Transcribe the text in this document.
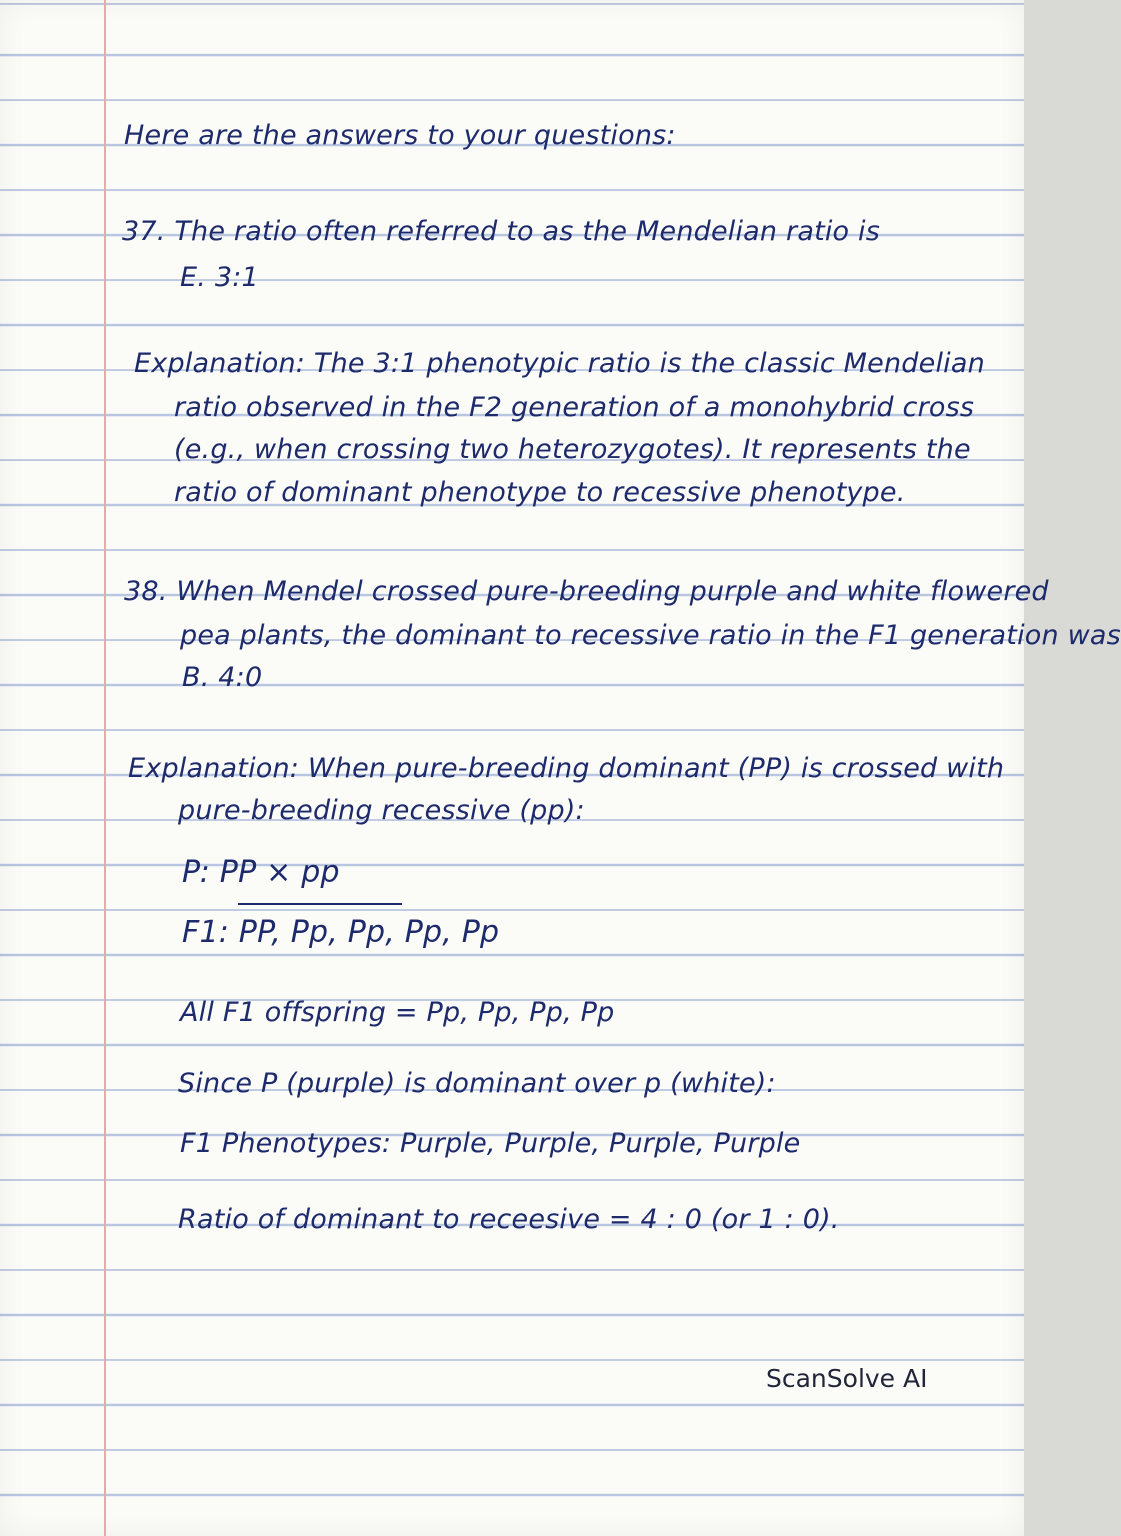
Here are the answers to your questions:
37. The ratio often referred to as the Mendelian ratio is
E. 3:1
Explanation: The 3:1 phenotypic ratio is the classic Mendelian
ratio observed in the F2 generation of a monohybrid cross
(e.g., when crossing two heterozygotes). It represents the
ratio of dominant phenotype to recessive phenotype.
38. When Mendel crossed pure-breeding purple and white flowered
pea plants, the dominant to recessive ratio in the F1 generation was
B. 4:0
Explanation: When pure-breeding dominant (PP) is crossed with
pure-breeding recessive (pp):
P: PP × pp
F1: PP, Pp, Pp, Pp, Pp
All F1 offspring = Pp, Pp, Pp, Pp
Since P (purple) is dominant over p (white):
F1 Phenotypes: Purple, Purple, Purple, Purple
Ratio of dominant to receesive = 4 : 0 (or 1 : 0).
ScanSolve AI
